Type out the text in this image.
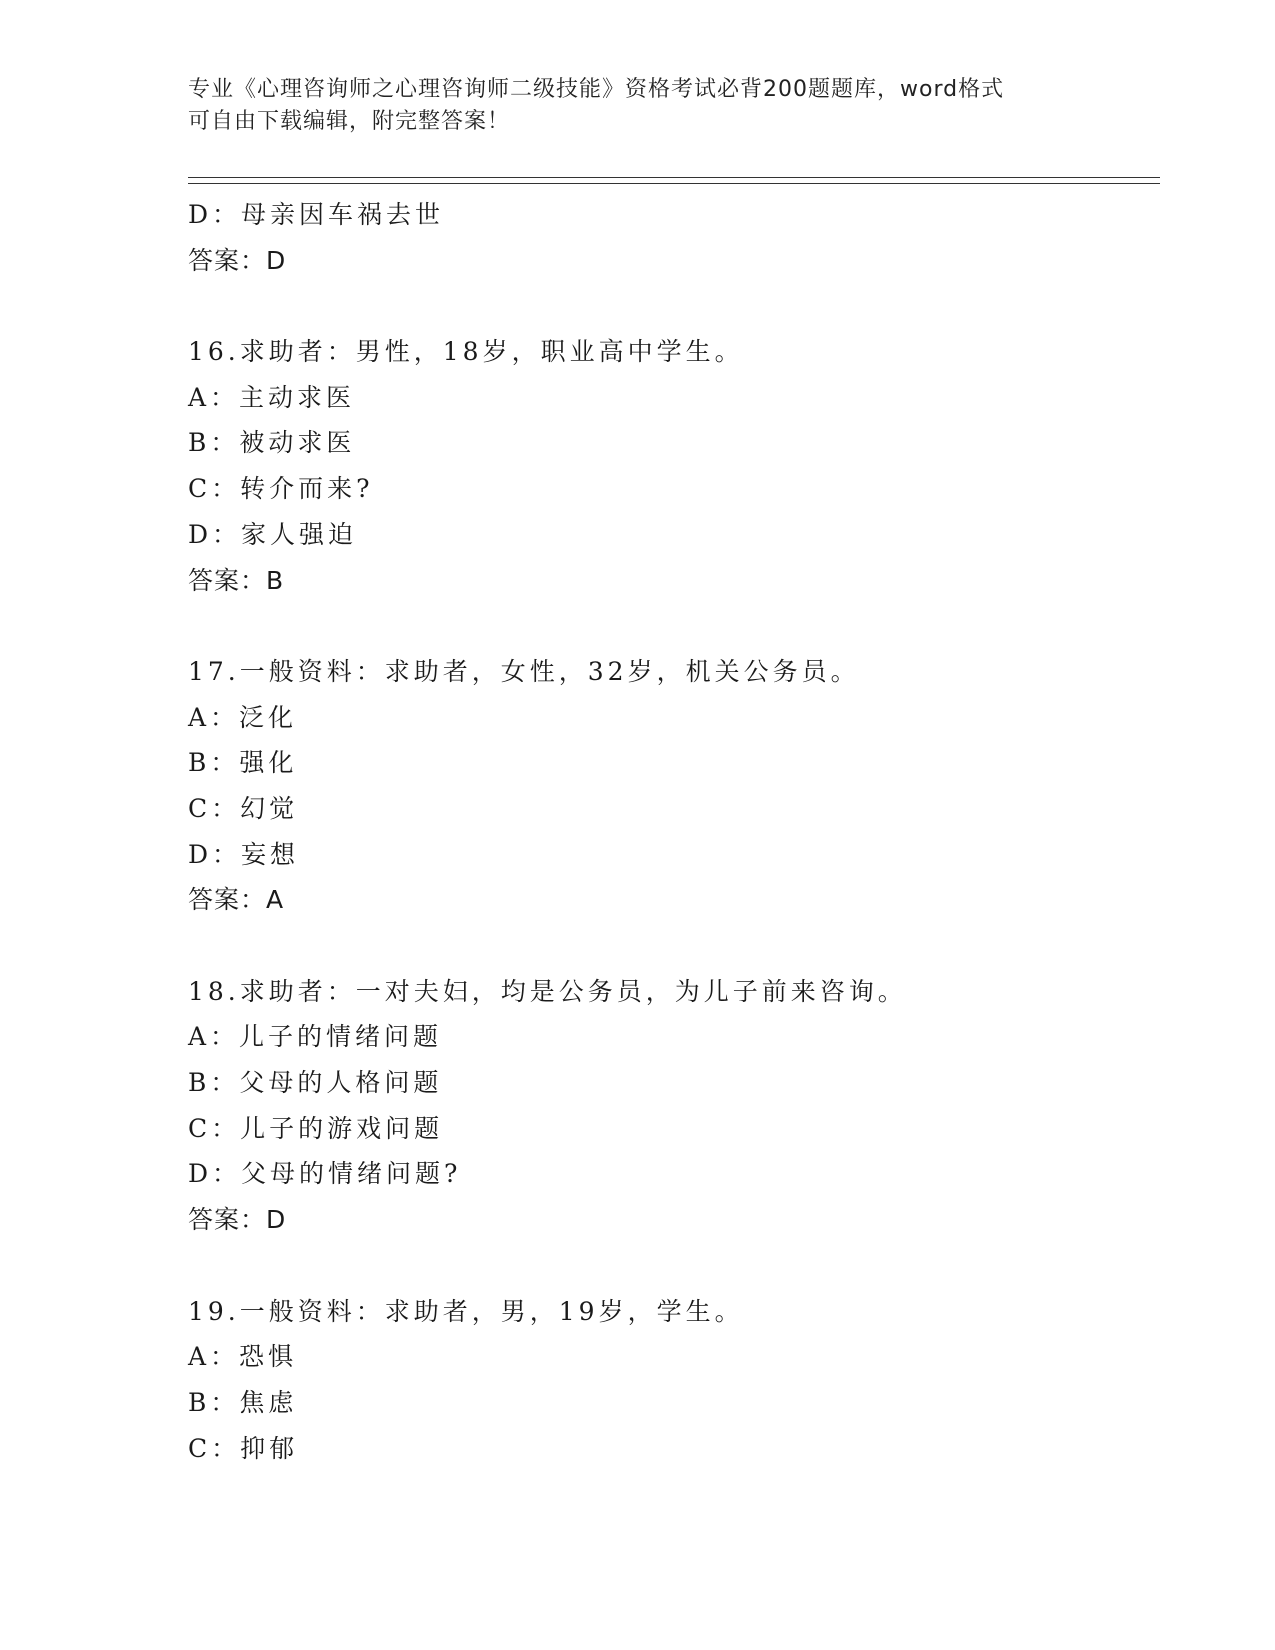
专业《心理咨询师之心理咨询师二级技能》资格考试必背200题题库，word格式
可自由下载编辑，附完整答案！
D：母亲因车祸去世
答案：D
16.求助者：男性，18岁，职业高中学生。
A：主动求医
B：被动求医
C：转介而来?
D：家人强迫
答案：B
17.一般资料：求助者，女性，32岁，机关公务员。
A：泛化
B：强化
C：幻觉
D：妄想
答案：A
18.求助者：一对夫妇，均是公务员，为儿子前来咨询。
A：儿子的情绪问题
B：父母的人格问题
C：儿子的游戏问题
D：父母的情绪问题?
答案：D
19.一般资料：求助者，男，19岁，学生。
A：恐惧
B：焦虑
C：抑郁
